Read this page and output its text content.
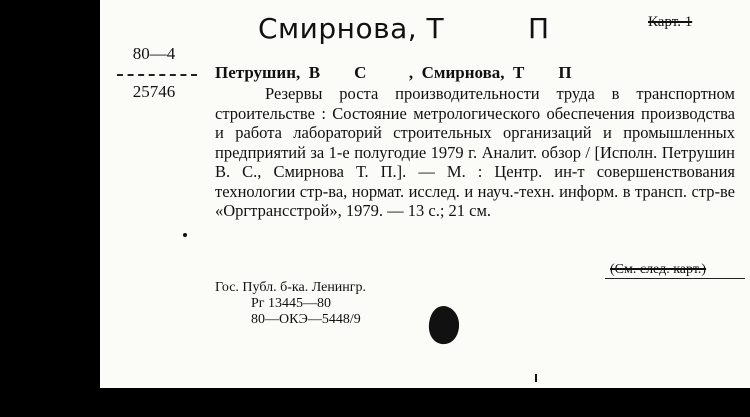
Смирнова, Т	П	Карт. 1
80—4
25746
Петрушин,  В        С          ,  Смирнова,  Т        П

Резервы роста производительности труда в транспортном строительстве : Состояние метрологического обеспечения производства и работа лабораторий строительных организаций и промышленных предприятий за 1-е полугодие 1979 г. Аналит. обзор / [Исполн. Петрушин В. С., Смирнова Т. П.]. — М. : Центр. ин-т совершенствования технологии стр-ва, нормат. исслед. и науч.-техн. информ. в трансп. стр-ве «Оргтрансстрой», 1979. — 13 с.; 21 см.

(См. след. карт.)
Гос. Публ. б-ка. Ленингр.
Рг 13445—80
80—ОКЭ—5448/9
